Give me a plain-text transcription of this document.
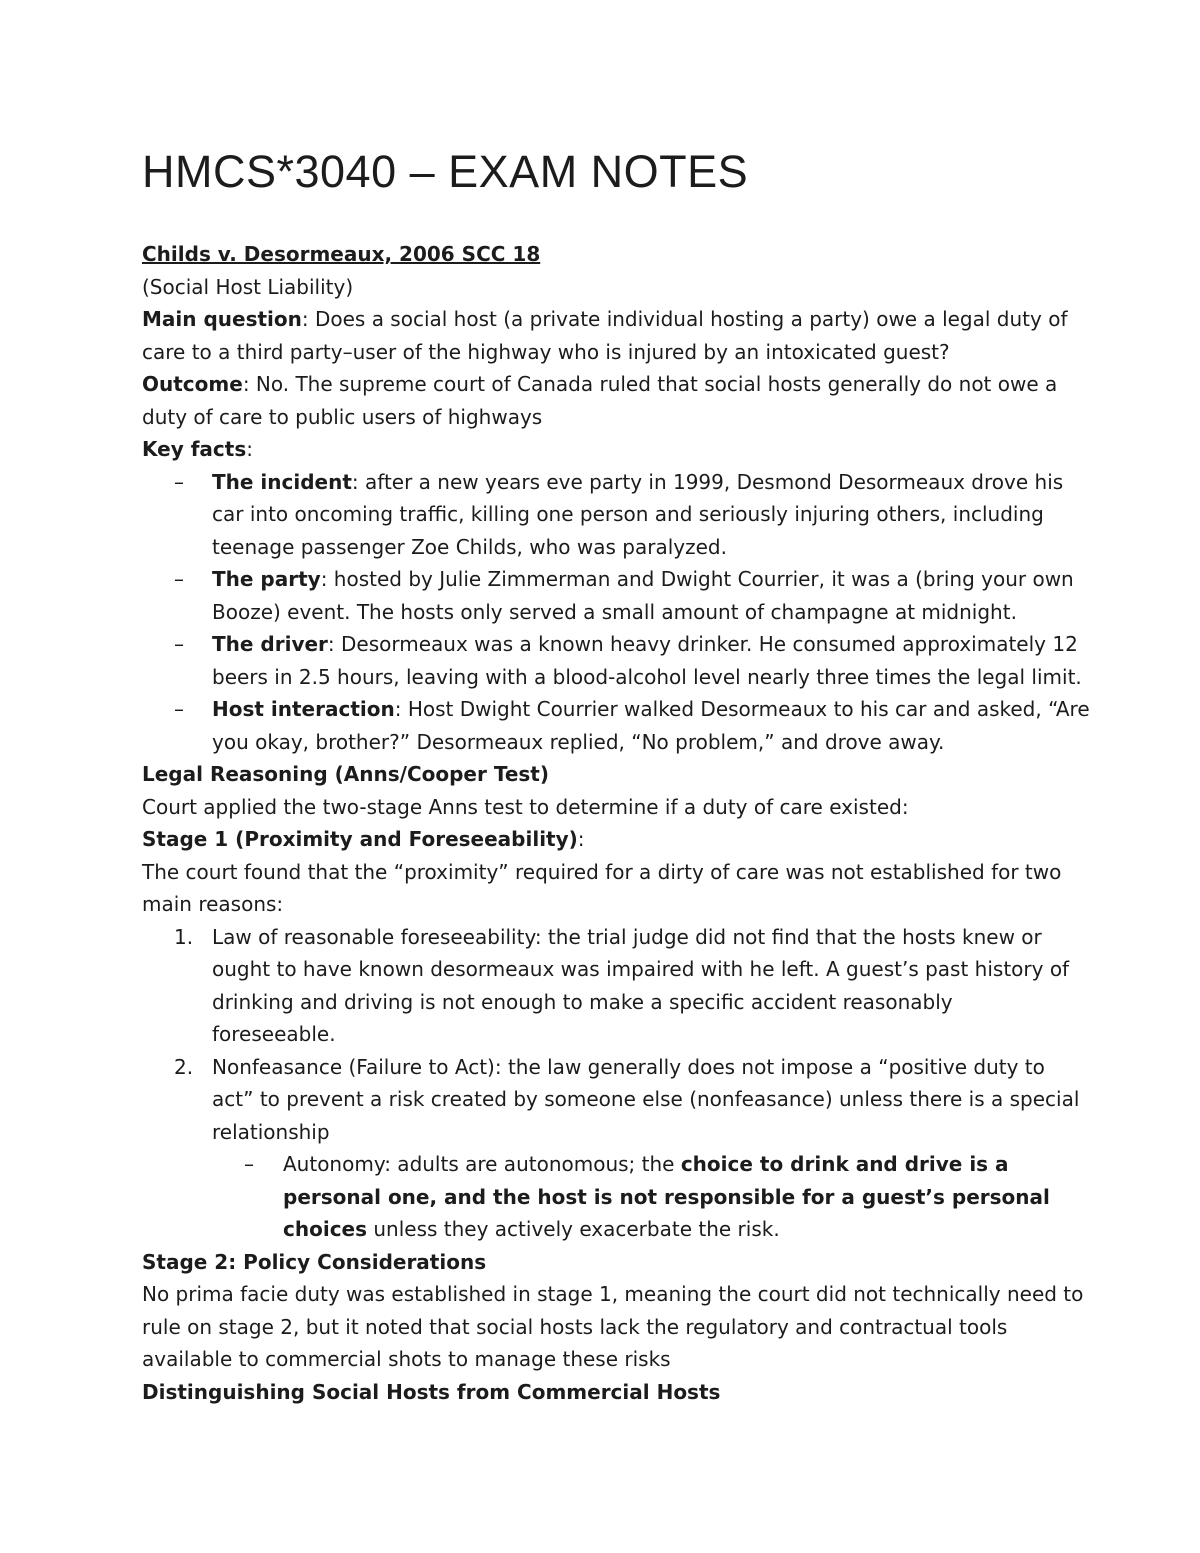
HMCS*3040 – EXAM NOTES

Childs v. Desormeaux, 2006 SCC 18

(Social Host Liability)

Main question: Does a social host (a private individual hosting a party) owe a legal duty of

care to a third party–user of the highway who is injured by an intoxicated guest?

Outcome: No. The supreme court of Canada ruled that social hosts generally do not owe a

duty of care to public users of highways

Key facts:

– The incident: after a new years eve party in 1999, Desmond Desormeaux drove his

car into oncoming traffic, killing one person and seriously injuring others, including

teenage passenger Zoe Childs, who was paralyzed.

– The party: hosted by Julie Zimmerman and Dwight Courrier, it was a (bring your own

Booze) event. The hosts only served a small amount of champagne at midnight.

– The driver: Desormeaux was a known heavy drinker. He consumed approximately 12

beers in 2.5 hours, leaving with a blood-alcohol level nearly three times the legal limit.

– Host interaction: Host Dwight Courrier walked Desormeaux to his car and asked, “Are

you okay, brother?” Desormeaux replied, “No problem,” and drove away.

Legal Reasoning (Anns/Cooper Test)

Court applied the two-stage Anns test to determine if a duty of care existed:

Stage 1 (Proximity and Foreseeability):

The court found that the “proximity” required for a dirty of care was not established for two

main reasons:

1. Law of reasonable foreseeability: the trial judge did not find that the hosts knew or

ought to have known desormeaux was impaired with he left. A guest’s past history of

drinking and driving is not enough to make a specific accident reasonably

foreseeable.

2. Nonfeasance (Failure to Act): the law generally does not impose a “positive duty to

act” to prevent a risk created by someone else (nonfeasance) unless there is a special

relationship

– Autonomy: adults are autonomous; the choice to drink and drive is a

personal one, and the host is not responsible for a guest’s personal

choices unless they actively exacerbate the risk.

Stage 2: Policy Considerations

No prima facie duty was established in stage 1, meaning the court did not technically need to

rule on stage 2, but it noted that social hosts lack the regulatory and contractual tools

available to commercial shots to manage these risks

Distinguishing Social Hosts from Commercial Hosts
